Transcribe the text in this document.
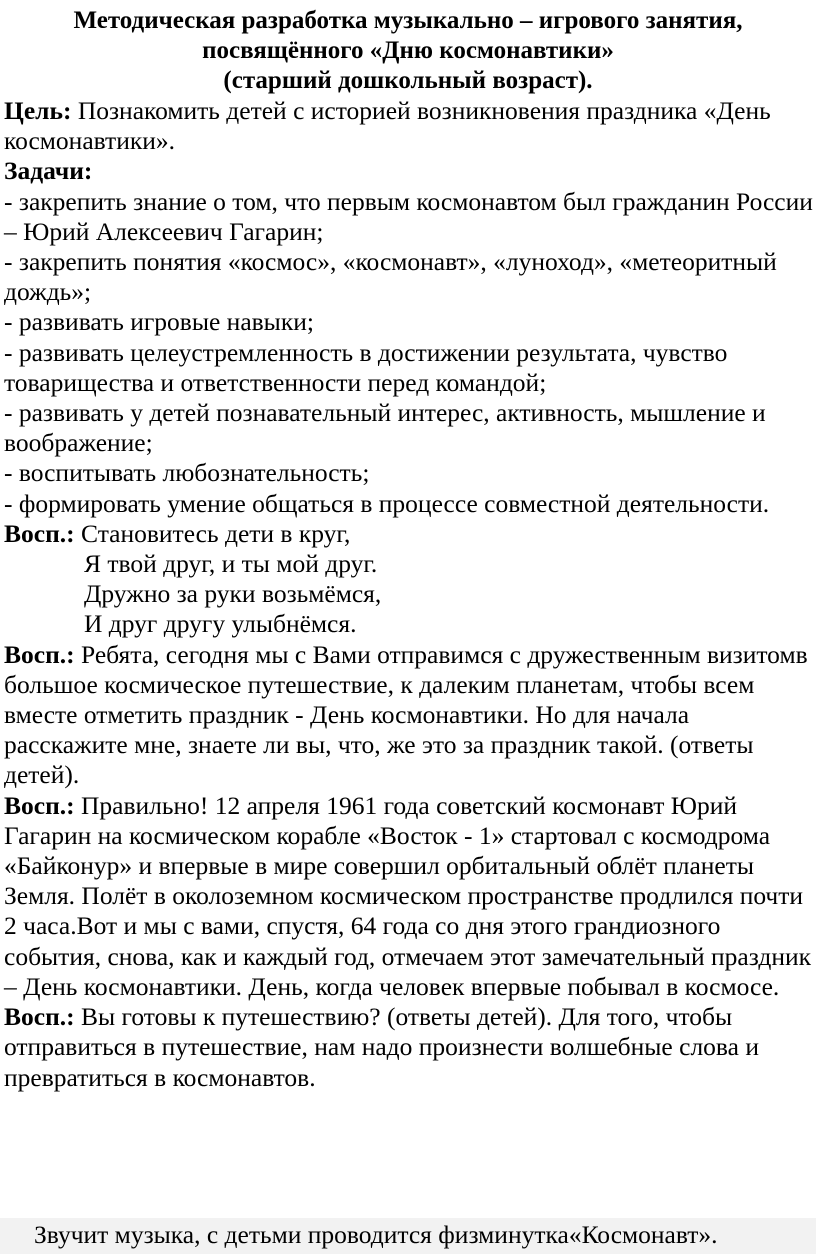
Методическая разработка музыкально – игрового занятия,
посвящённого «Дню космонавтики»
(старший дошкольный возраст).

Цель: Познакомить детей с историей возникновения праздника «День космонавтики».

Задачи:

- закрепить знание о том, что первым космонавтом был гражданин России – Юрий Алексеевич Гагарин;

- закрепить понятия «космос», «космонавт», «луноход», «метеоритный дождь»;

- развивать игровые навыки;

- развивать целеустремленность в достижении результата, чувство товарищества и ответственности перед командой;

- развивать у детей познавательный интерес, активность, мышление и воображение;

- воспитывать любознательность;

- формировать умение общаться в процессе совместной деятельности.

Восп.: Становитесь дети в круг,
Я твой друг, и ты мой друг.
Дружно за руки возьмёмся,
И друг другу улыбнёмся.

Восп.: Ребята, сегодня мы с Вами отправимся с дружественным визитомв большое космическое путешествие, к далеким планетам, чтобы всем вместе отметить праздник - День космонавтики. Но для начала расскажите мне, знаете ли вы, что, же это за праздник такой. (ответы детей).

Восп.: Правильно! 12 апреля 1961 года советский космонавт Юрий Гагарин на космическом корабле «Восток - 1» стартовал с космодрома «Байконур» и впервые в мире совершил орбитальный облёт планеты Земля. Полёт в околоземном космическом пространстве продлился почти 2 часа.Вот и мы с вами, спустя, 64 года со дня этого грандиозного события, снова, как и каждый год, отмечаем этот замечательный праздник – День космонавтики. День, когда человек впервые побывал в космосе.

Восп.: Вы готовы к путешествию? (ответы детей). Для того, чтобы отправиться в путешествие, нам надо произнести волшебные слова и превратиться в космонавтов.

Звучит музыка, с детьми проводится физминутка«Космонавт».
